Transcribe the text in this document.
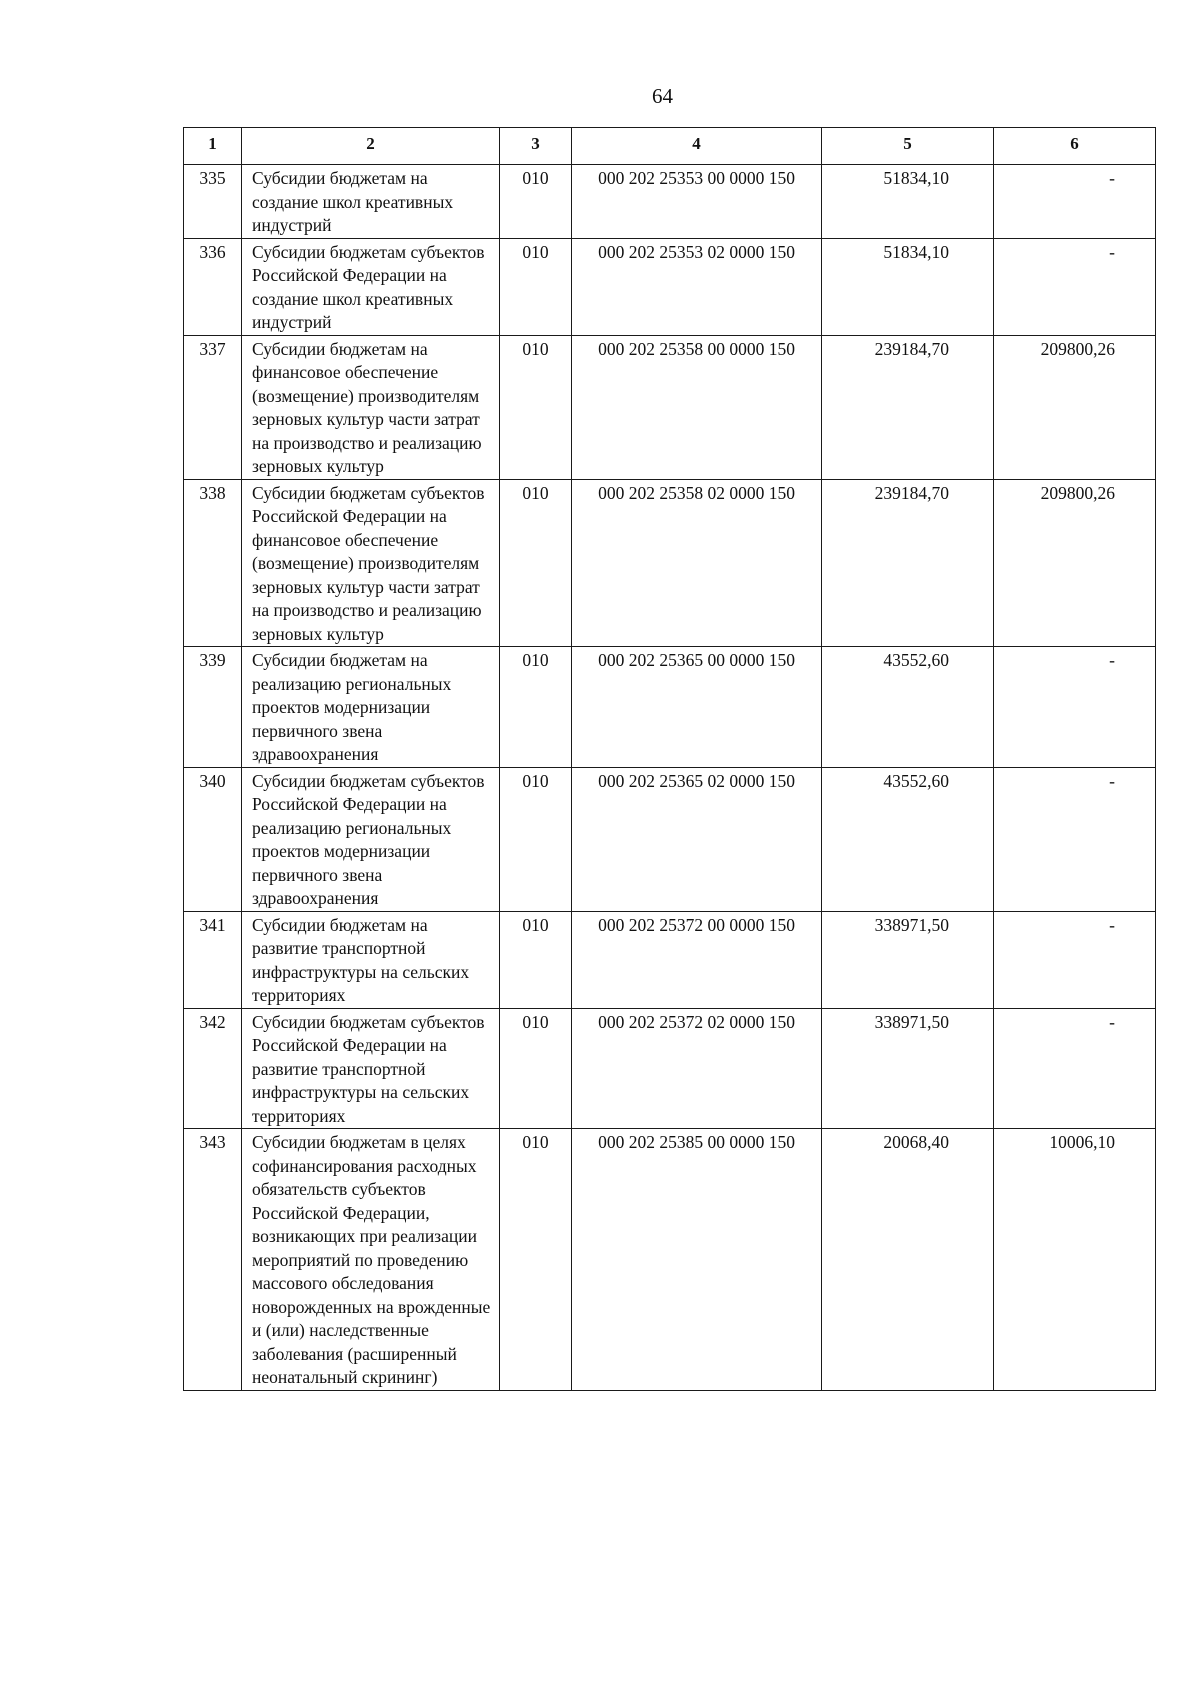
64
1	2	3	4	5	6
335	Субсидии бюджетам на создание школ креативных индустрий	010	000 202 25353 00 0000 150	51834,10	-
336	Субсидии бюджетам субъектов Российской Федерации на создание школ креативных индустрий	010	000 202 25353 02 0000 150	51834,10	-
337	Субсидии бюджетам на финансовое обеспечение (возмещение) производителям зерновых культур части затрат на производство и реализацию зерновых культур	010	000 202 25358 00 0000 150	239184,70	209800,26
338	Субсидии бюджетам субъектов Российской Федерации на финансовое обеспечение (возмещение) производителям зерновых культур части затрат на производство и реализацию зерновых культур	010	000 202 25358 02 0000 150	239184,70	209800,26
339	Субсидии бюджетам на реализацию региональных проектов модернизации первичного звена здравоохранения	010	000 202 25365 00 0000 150	43552,60	-
340	Субсидии бюджетам субъектов Российской Федерации на реализацию региональных проектов модернизации первичного звена здравоохранения	010	000 202 25365 02 0000 150	43552,60	-
341	Субсидии бюджетам на развитие транспортной инфраструктуры на сельских территориях	010	000 202 25372 00 0000 150	338971,50	-
342	Субсидии бюджетам субъектов Российской Федерации на развитие транспортной инфраструктуры на сельских территориях	010	000 202 25372 02 0000 150	338971,50	-
343	Субсидии бюджетам в целях софинансирования расходных обязательств субъектов Российской Федерации, возникающих при реализации мероприятий по проведению массового обследования новорожденных на врожденные и (или) наследственные заболевания (расширенный неонатальный скрининг)	010	000 202 25385 00 0000 150	20068,40	10006,10
